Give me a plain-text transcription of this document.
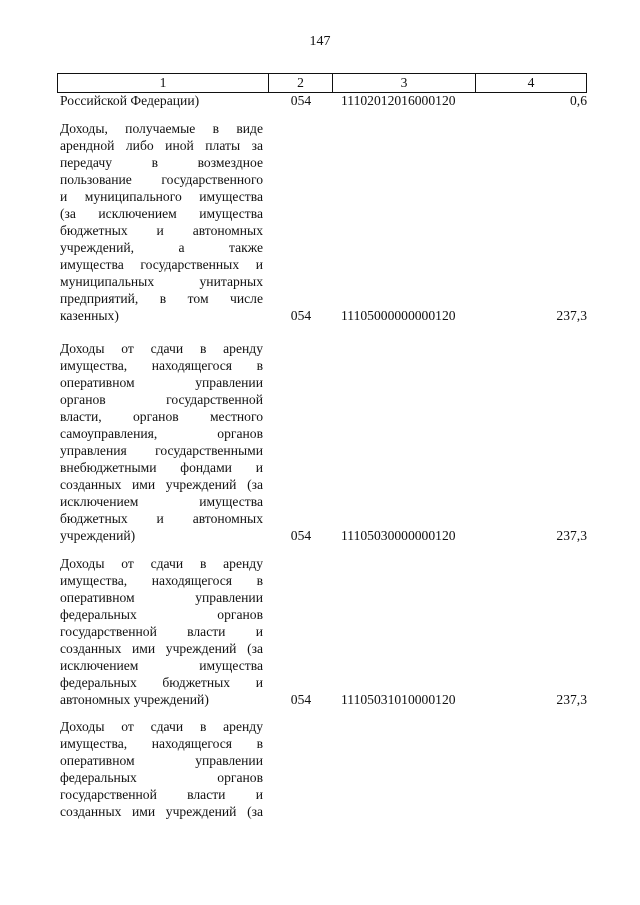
147
1	2	3	4
Российской Федерации)	054	11102012016000120	0,6
Доходы, получаемые в виде
арендной либо иной платы за
передачу в возмездное
пользование государственного
и муниципального имущества
(за исключением имущества
бюджетных и автономных
учреждений, а также
имущества государственных и
муниципальных унитарных
предприятий, в том числе
казенных)	054	11105000000000120	237,3
Доходы от сдачи в аренду
имущества, находящегося в
оперативном управлении
органов государственной
власти, органов местного
самоуправления, органов
управления государственными
внебюджетными фондами и
созданных ими учреждений (за
исключением имущества
бюджетных и автономных
учреждений)	054	11105030000000120	237,3
Доходы от сдачи в аренду
имущества, находящегося в
оперативном управлении
федеральных органов
государственной власти и
созданных ими учреждений (за
исключением имущества
федеральных бюджетных и
автономных учреждений)	054	11105031010000120	237,3
Доходы от сдачи в аренду
имущества, находящегося в
оперативном управлении
федеральных органов
государственной власти и
созданных ими учреждений (за
